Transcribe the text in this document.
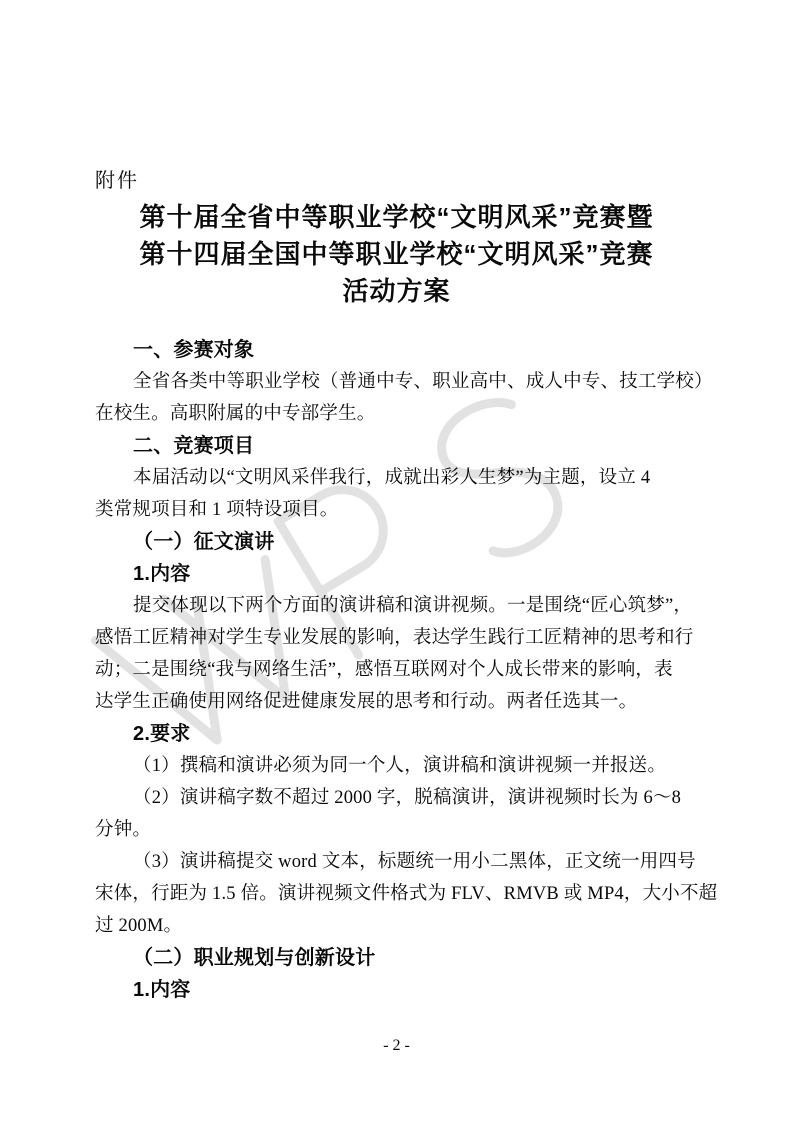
附件
第十届全省中等职业学校“文明风采”竞赛暨
第十四届全国中等职业学校“文明风采”竞赛
活动方案
一、参赛对象
全省各类中等职业学校（普通中专、职业高中、成人中专、技工学校）
在校生。高职附属的中专部学生。
二、竞赛项目
本届活动以“文明风采伴我行，成就出彩人生梦”为主题，设立 4
类常规项目和 1 项特设项目。
（一）征文演讲
1.内容
提交体现以下两个方面的演讲稿和演讲视频。一是围绕“匠心筑梦”，
感悟工匠精神对学生专业发展的影响，表达学生践行工匠精神的思考和行
动；二是围绕“我与网络生活”，感悟互联网对个人成长带来的影响，表
达学生正确使用网络促进健康发展的思考和行动。两者任选其一。
2.要求
（1）撰稿和演讲必须为同一个人，演讲稿和演讲视频一并报送。
（2）演讲稿字数不超过 2000 字，脱稿演讲，演讲视频时长为 6～8
分钟。
（3）演讲稿提交 word 文本，标题统一用小二黑体，正文统一用四号
宋体，行距为 1.5 倍。演讲视频文件格式为 FLV、RMVB 或 MP4，大小不超
过 200M。
（二）职业规划与创新设计
1.内容
- 2 -
